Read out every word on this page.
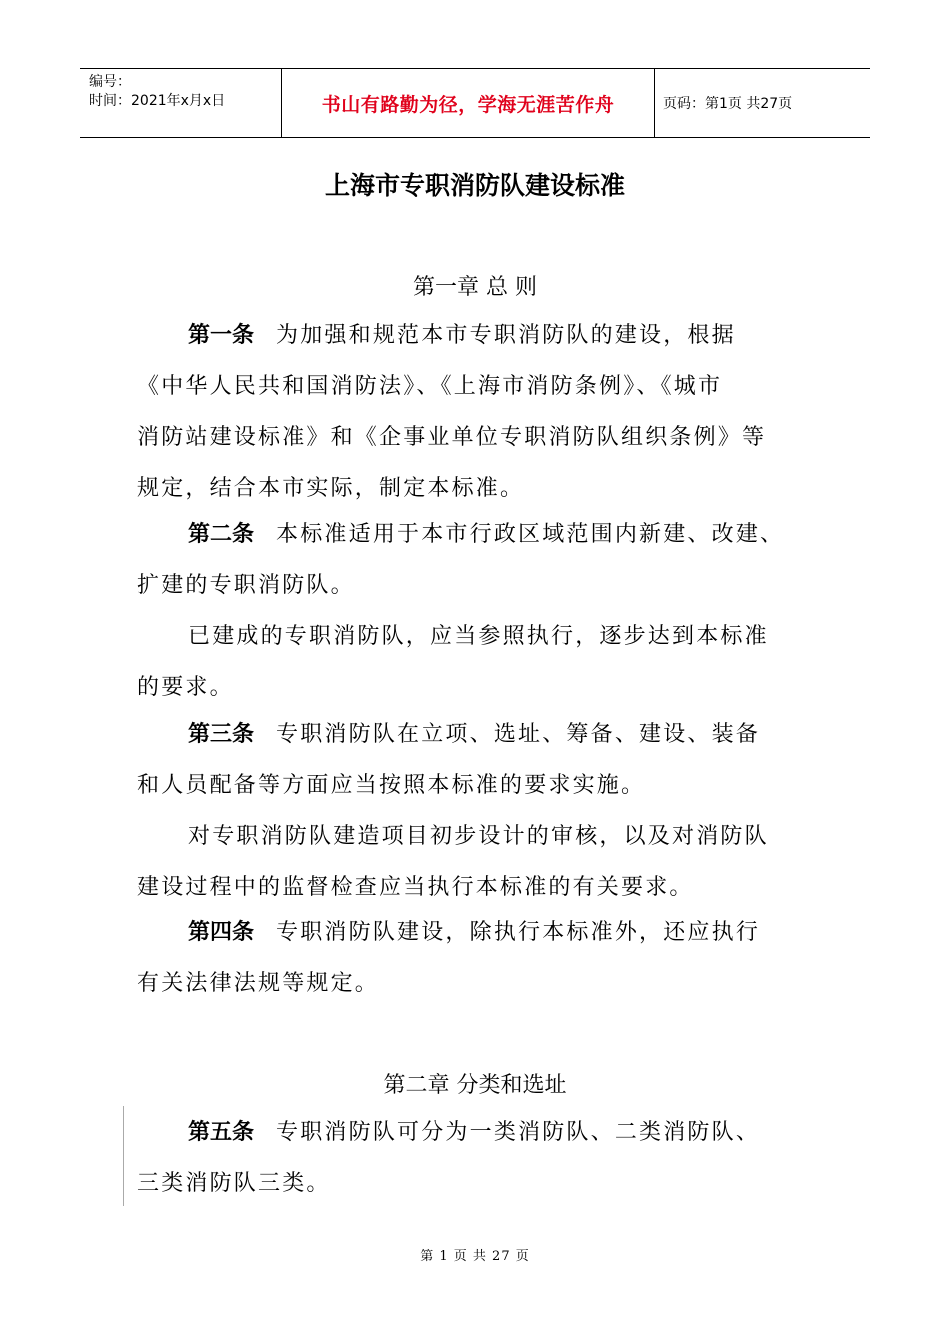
编号：
时间：2021年x月x日	书山有路勤为径，学海无涯苦作舟	页码：第1页 共27页
上海市专职消防队建设标准
第一章 总 则

第一条 为加强和规范本市专职消防队的建设，根据

《中华人民共和国消防法》、《上海市消防条例》、《城市

消防站建设标准》和《企事业单位专职消防队组织条例》等

规定，结合本市实际，制定本标准。

第二条 本标准适用于本市行政区域范围内新建、改建、

扩建的专职消防队。

已建成的专职消防队，应当参照执行，逐步达到本标准

的要求。

第三条 专职消防队在立项、选址、筹备、建设、装备

和人员配备等方面应当按照本标准的要求实施。

对专职消防队建造项目初步设计的审核，以及对消防队

建设过程中的监督检查应当执行本标准的有关要求。

第四条 专职消防队建设，除执行本标准外，还应执行

有关法律法规等规定。

第二章 分类和选址

第五条 专职消防队可分为一类消防队、二类消防队、

三类消防队三类。

第 1 页 共 27 页
